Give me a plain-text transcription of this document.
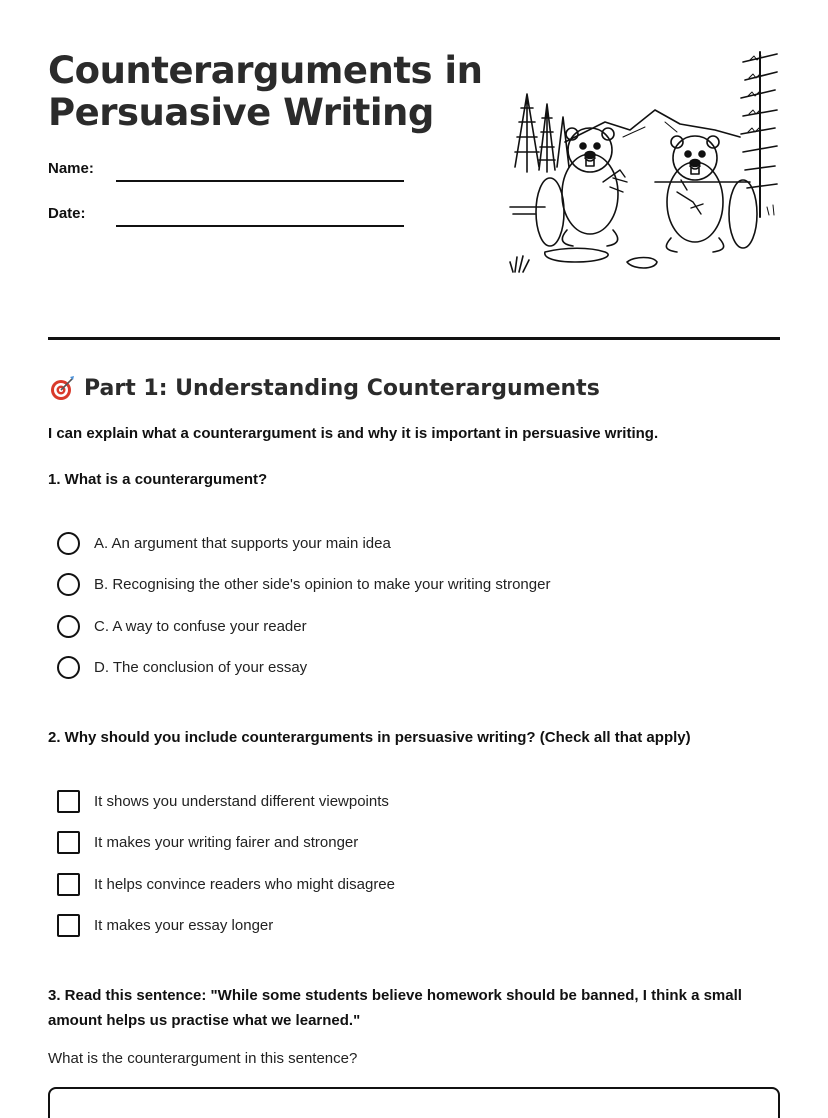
Counterarguments in
Persuasive Writing
Name:
Date:
Part 1: Understanding Counterarguments
I can explain what a counterargument is and why it is important in persuasive writing.
1. What is a counterargument?
A. An argument that supports your main idea
B. Recognising the other side's opinion to make your writing stronger
C. A way to confuse your reader
D. The conclusion of your essay
2. Why should you include counterarguments in persuasive writing? (Check all that apply)
It shows you understand different viewpoints
It makes your writing fairer and stronger
It helps convince readers who might disagree
It makes your essay longer
3. Read this sentence: "While some students believe homework should be banned, I think a small amount helps us practise what we learned."
What is the counterargument in this sentence?
